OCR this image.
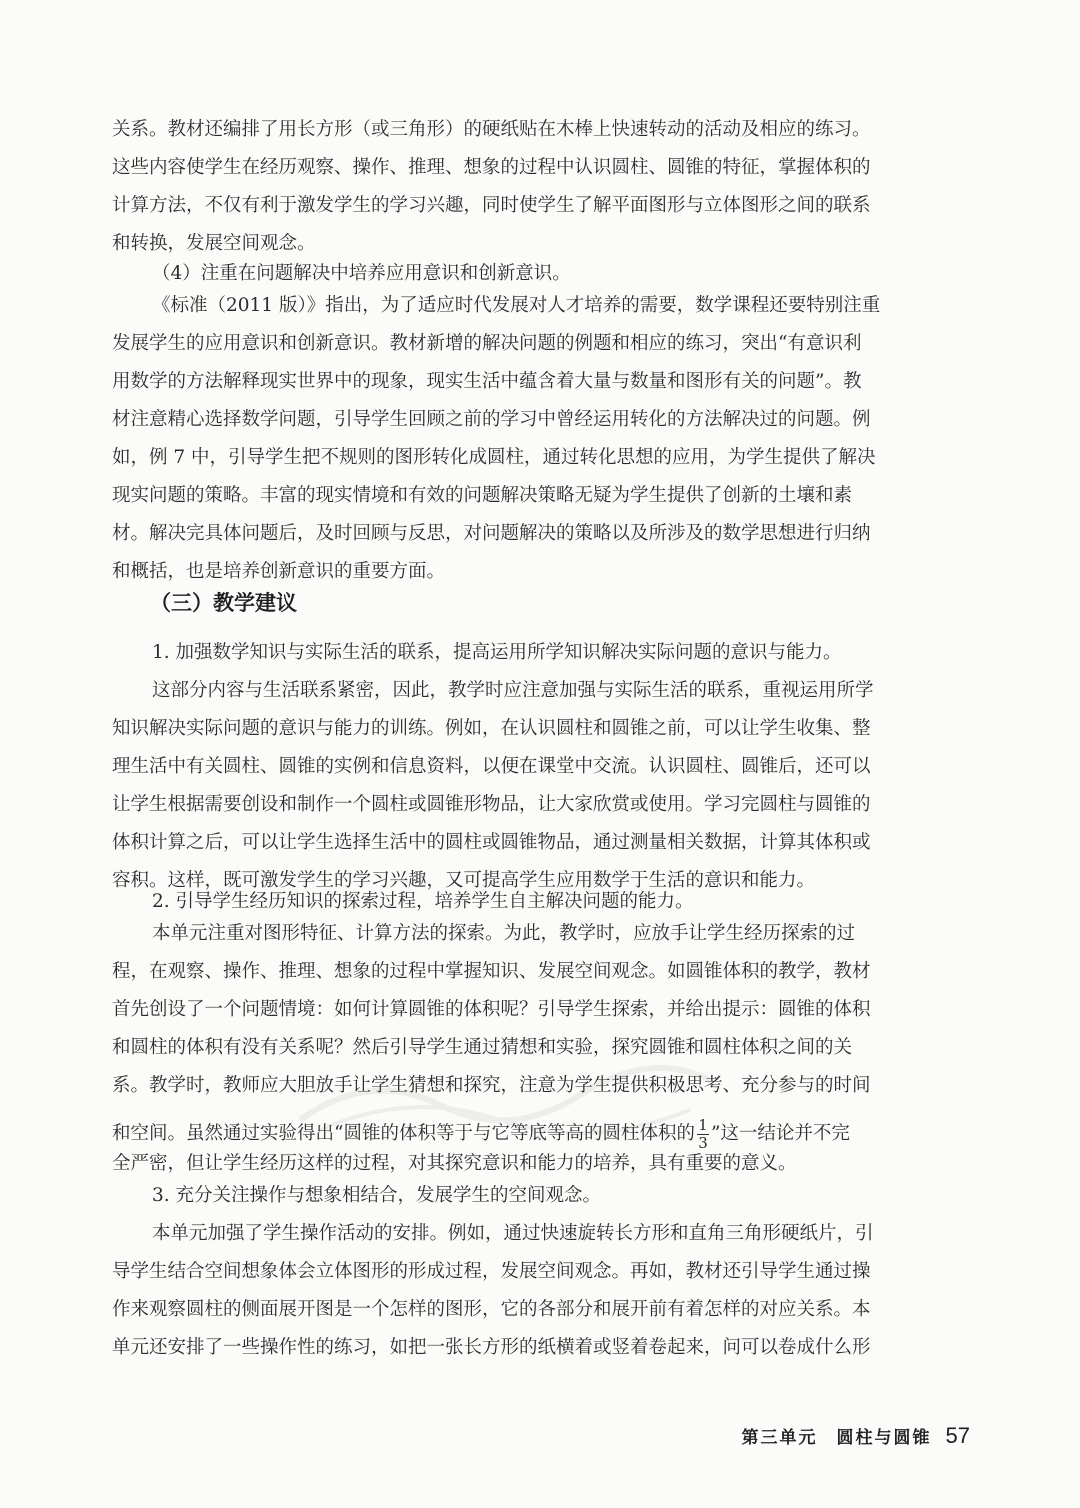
关系。教材还编排了用长方形（或三角形）的硬纸贴在木棒上快速转动的活动及相应的练习。
这些内容使学生在经历观察、操作、推理、想象的过程中认识圆柱、圆锥的特征，掌握体积的
计算方法，不仅有利于激发学生的学习兴趣，同时使学生了解平面图形与立体图形之间的联系
和转换，发展空间观念。
（4）注重在问题解决中培养应用意识和创新意识。
《标准（2011 版）》指出，为了适应时代发展对人才培养的需要，数学课程还要特别注重
发展学生的应用意识和创新意识。教材新增的解决问题的例题和相应的练习，突出“有意识利
用数学的方法解释现实世界中的现象，现实生活中蕴含着大量与数量和图形有关的问题”。教
材注意精心选择数学问题，引导学生回顾之前的学习中曾经运用转化的方法解决过的问题。例
如，例 7 中，引导学生把不规则的图形转化成圆柱，通过转化思想的应用，为学生提供了解决
现实问题的策略。丰富的现实情境和有效的问题解决策略无疑为学生提供了创新的土壤和素
材。解决完具体问题后，及时回顾与反思，对问题解决的策略以及所涉及的数学思想进行归纳
和概括，也是培养创新意识的重要方面。
（三）教学建议
1. 加强数学知识与实际生活的联系，提高运用所学知识解决实际问题的意识与能力。
这部分内容与生活联系紧密，因此，教学时应注意加强与实际生活的联系，重视运用所学
知识解决实际问题的意识与能力的训练。例如，在认识圆柱和圆锥之前，可以让学生收集、整
理生活中有关圆柱、圆锥的实例和信息资料，以便在课堂中交流。认识圆柱、圆锥后，还可以
让学生根据需要创设和制作一个圆柱或圆锥形物品，让大家欣赏或使用。学习完圆柱与圆锥的
体积计算之后，可以让学生选择生活中的圆柱或圆锥物品，通过测量相关数据，计算其体积或
容积。这样，既可激发学生的学习兴趣，又可提高学生应用数学于生活的意识和能力。
2. 引导学生经历知识的探索过程，培养学生自主解决问题的能力。
本单元注重对图形特征、计算方法的探索。为此，教学时，应放手让学生经历探索的过
程，在观察、操作、推理、想象的过程中掌握知识、发展空间观念。如圆锥体积的教学，教材
首先创设了一个问题情境：如何计算圆锥的体积呢？引导学生探索，并给出提示：圆锥的体积
和圆柱的体积有没有关系呢？然后引导学生通过猜想和实验，探究圆锥和圆柱体积之间的关
系。教学时，教师应大胆放手让学生猜想和探究，注意为学生提供积极思考、充分参与的时间
和空间。虽然通过实验得出“圆锥的体积等于与它等底等高的圆柱体积的 $\frac{1}{3}$ ”这一结论并不完
全严密，但让学生经历这样的过程，对其探究意识和能力的培养，具有重要的意义。
3. 充分关注操作与想象相结合，发展学生的空间观念。
本单元加强了学生操作活动的安排。例如，通过快速旋转长方形和直角三角形硬纸片，引
导学生结合空间想象体会立体图形的形成过程，发展空间观念。再如，教材还引导学生通过操
作来观察圆柱的侧面展开图是一个怎样的图形，它的各部分和展开前有着怎样的对应关系。本
单元还安排了一些操作性的练习，如把一张长方形的纸横着或竖着卷起来，问可以卷成什么形
第三单元　圆柱与圆锥 57
